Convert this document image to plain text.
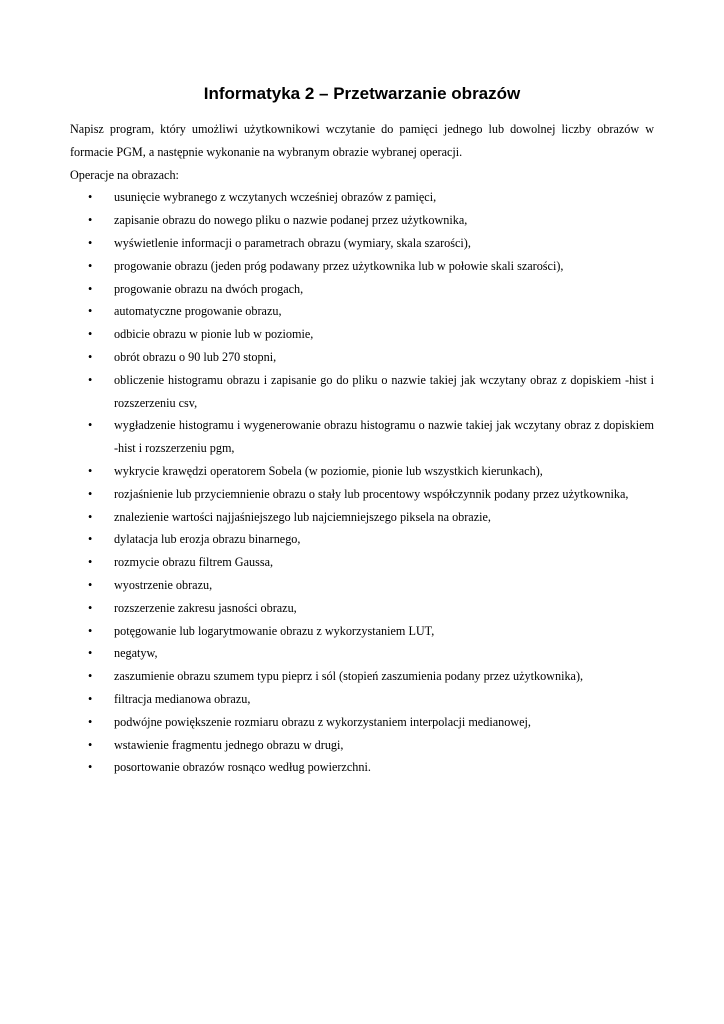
Informatyka 2 – Przetwarzanie obrazów

Napisz program, który umożliwi użytkownikowi wczytanie do pamięci jednego lub dowolnej liczby obrazów w formacie PGM, a następnie wykonanie na wybranym obrazie wybranej operacji.

Operacje na obrazach:

• usunięcie wybranego z wczytanych wcześniej obrazów z pamięci,
• zapisanie obrazu do nowego pliku o nazwie podanej przez użytkownika,
• wyświetlenie informacji o parametrach obrazu (wymiary, skala szarości),
• progowanie obrazu (jeden próg podawany przez użytkownika lub w połowie skali szarości),
• progowanie obrazu na dwóch progach,
• automatyczne progowanie obrazu,
• odbicie obrazu w pionie lub w poziomie,
• obrót obrazu o 90 lub 270 stopni,
• obliczenie histogramu obrazu i zapisanie go do pliku o nazwie takiej jak wczytany obraz z dopiskiem -hist i rozszerzeniu csv,
• wygładzenie histogramu i wygenerowanie obrazu histogramu o nazwie takiej jak wczytany obraz z dopiskiem -hist i rozszerzeniu pgm,
• wykrycie krawędzi operatorem Sobela (w poziomie, pionie lub wszystkich kierunkach),
• rozjaśnienie lub przyciemnienie obrazu o stały lub procentowy współczynnik podany przez użytkownika,
• znalezienie wartości najjaśniejszego lub najciemniejszego piksela na obrazie,
• dylatacja lub erozja obrazu binarnego,
• rozmycie obrazu filtrem Gaussa,
• wyostrzenie obrazu,
• rozszerzenie zakresu jasności obrazu,
• potęgowanie lub logarytmowanie obrazu z wykorzystaniem LUT,
• negatyw,
• zaszumienie obrazu szumem typu pieprz i sól (stopień zaszumienia podany przez użytkownika),
• filtracja medianowa obrazu,
• podwójne powiększenie rozmiaru obrazu z wykorzystaniem interpolacji medianowej,
• wstawienie fragmentu jednego obrazu w drugi,
• posortowanie obrazów rosnąco według powierzchni.
